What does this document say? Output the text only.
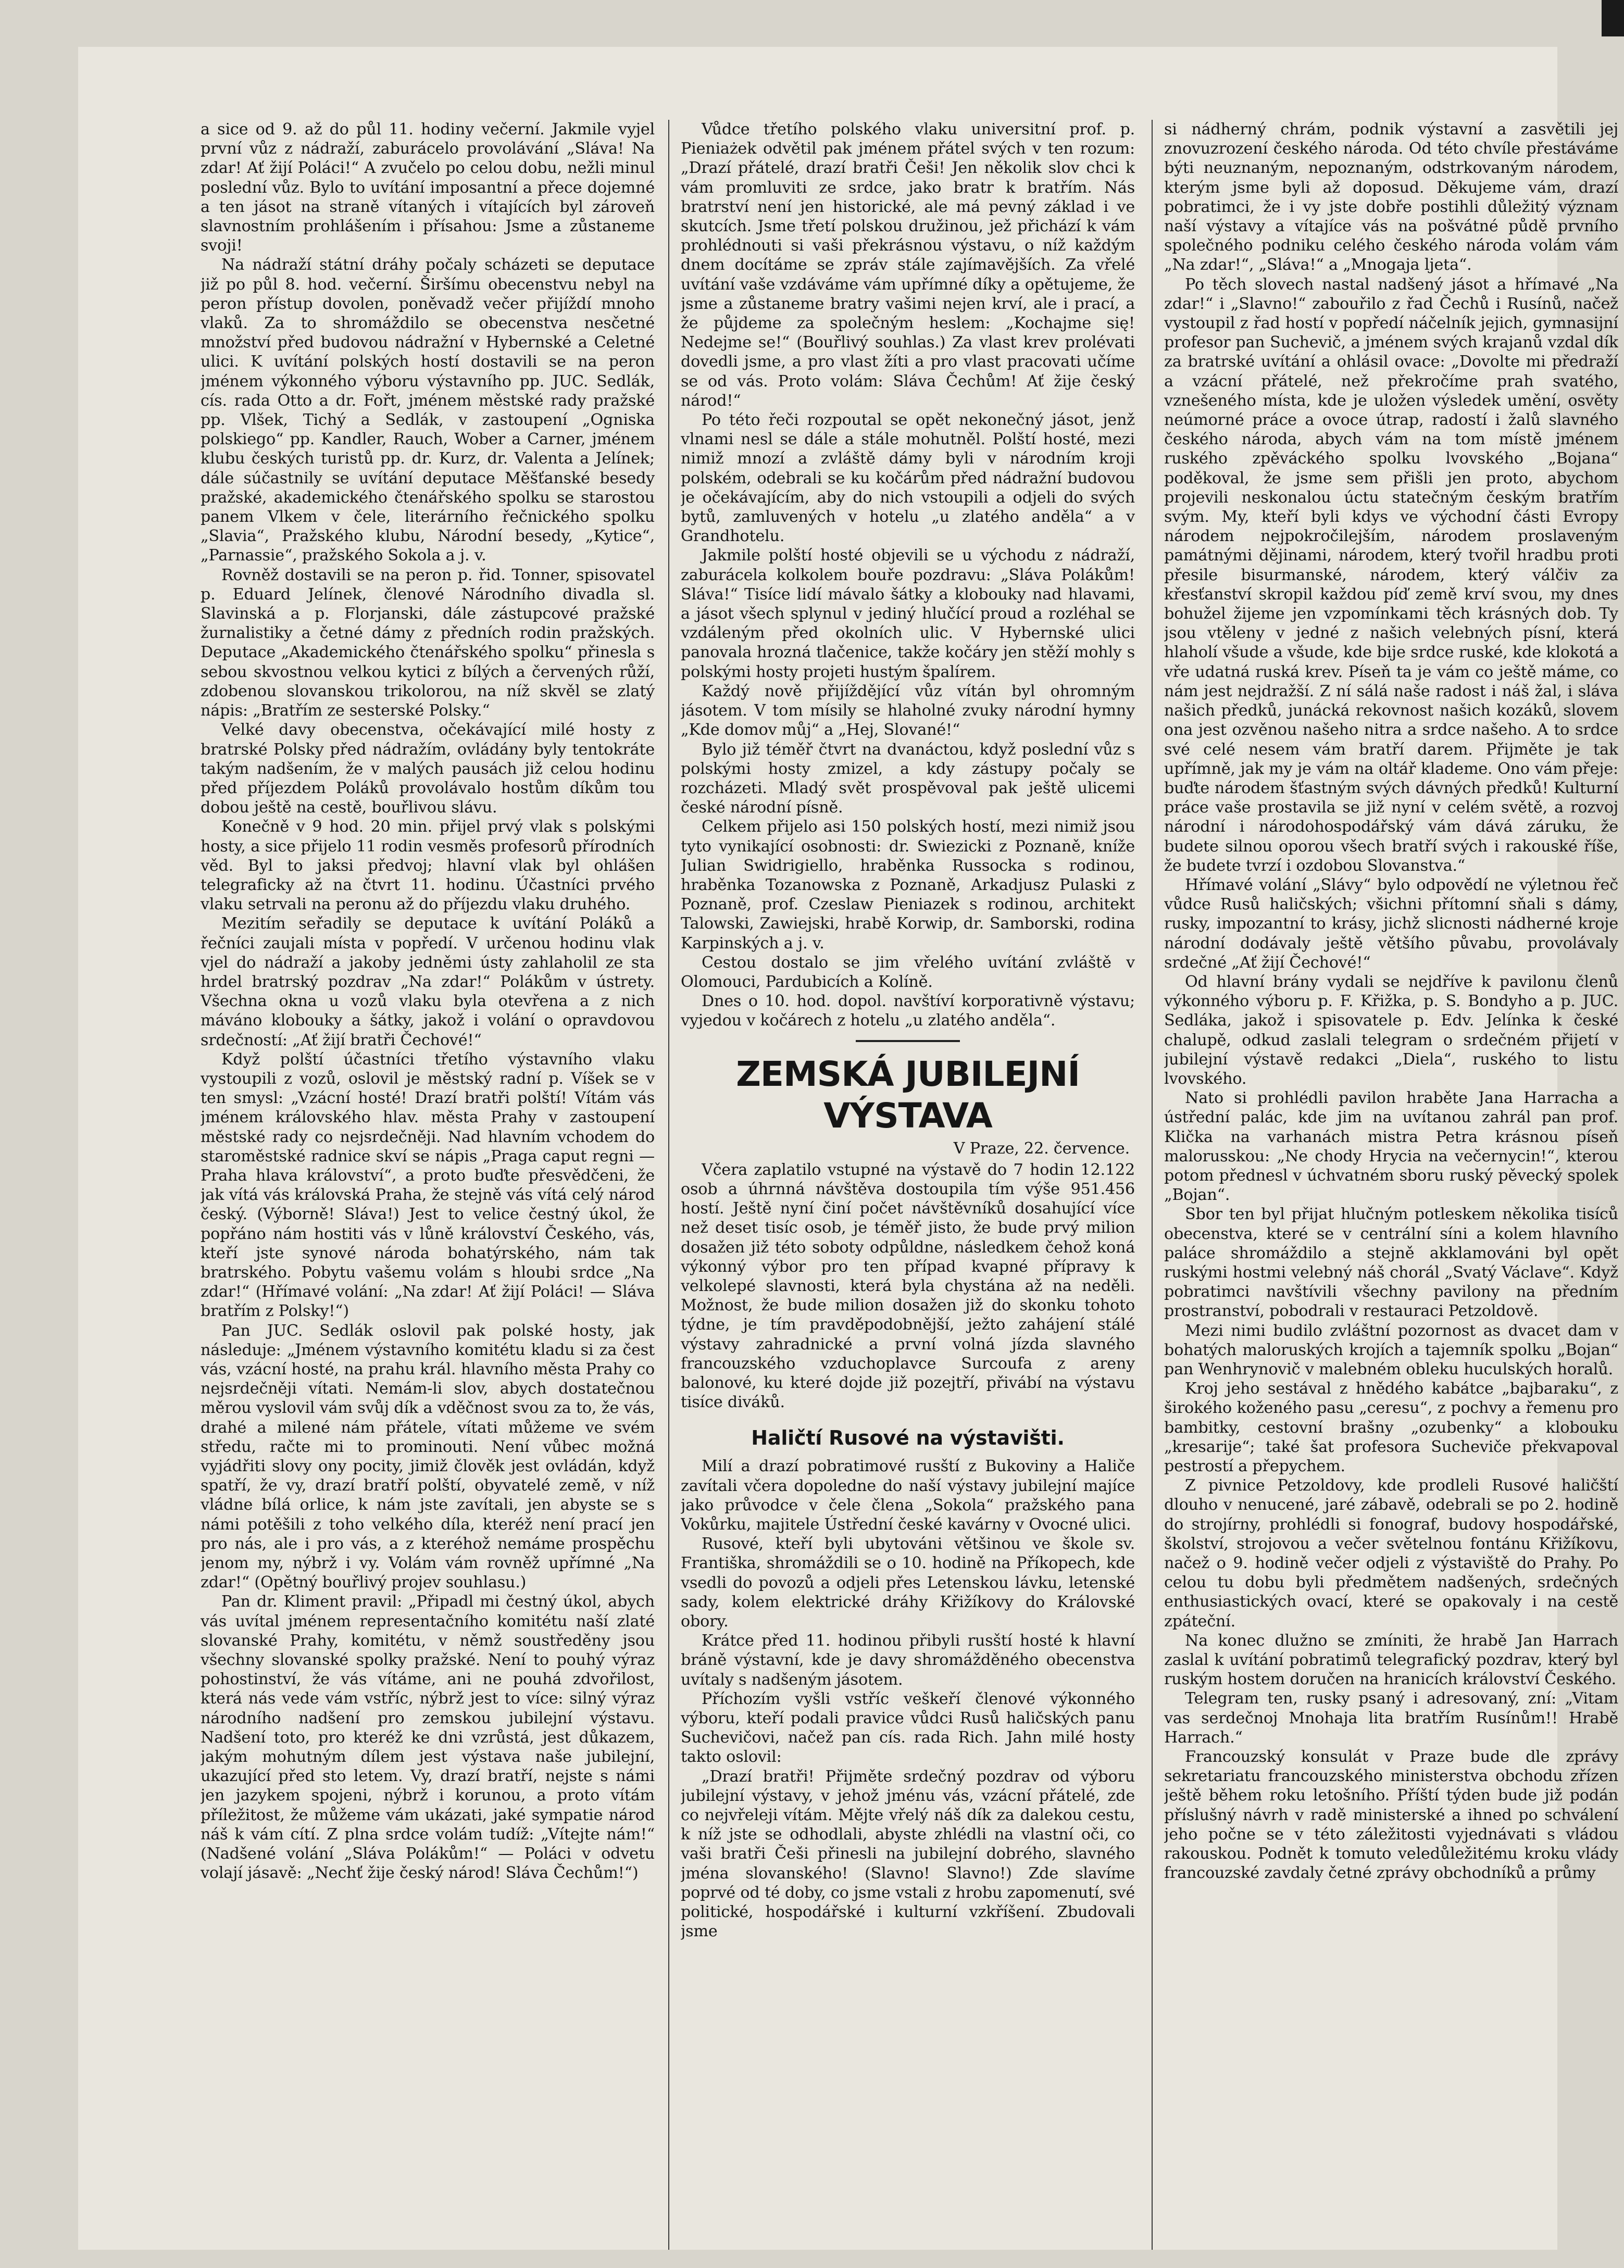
a sice od 9. až do půl 11. hodiny večerní. Jakmile vyjel první vůz z nádraží, zaburácelo provolávání „Sláva! Na zdar! Ať žijí Poláci!“ A zvučelo po celou dobu, nežli minul poslední vůz. Bylo to uvítání imposantní a přece dojemné a ten jásot na straně vítaných i vítajících byl zároveň slavnostním prohlášením i přísahou: Jsme a zůstaneme svoji!

Na nádraží státní dráhy počaly scházeti se deputace již po půl 8. hod. večerní. Širšímu obecenstvu nebyl na peron přístup dovolen, poněvadž večer přijíždí mnoho vlaků. Za to shromáždilo se obecenstva nesčetné množství před budovou nádražní v Hybernské a Celetné ulici. K uvítání polských hostí dostavili se na peron jménem výkonného výboru výstavního pp. JUC. Sedlák, cís. rada Otto a dr. Fořt, jménem městské rady pražské pp. Vlšek, Tichý a Sedlák, v zastoupení „Ogniska polskiego“ pp. Kandler, Rauch, Wober a Carner, jménem klubu českých turistů pp. dr. Kurz, dr. Valenta a Jelínek; dále súčastnily se uvítání deputace Měšťanské besedy pražské, akademického čtenářského spolku se starostou panem Vlkem v čele, literárního řečnického spolku „Slavia“, Pražského klubu, Národní besedy, „Kytice“, „Parnassie“, pražského Sokola a j. v.

Rovněž dostavili se na peron p. řid. Tonner, spisovatel p. Eduard Jelínek, členové Národního divadla sl. Slavinská a p. Florjanski, dále zástupcové pražské žurnalistiky a četné dámy z předních rodin pražských. Deputace „Akademického čtenářského spolku“ přinesla s sebou skvostnou velkou kytici z bílých a červených růží, zdobenou slovanskou trikolorou, na níž skvěl se zlatý nápis: „Bratřím ze sesterské Polsky.“

Velké davy obecenstva, očekávající milé hosty z bratrské Polsky před nádražím, ovládány byly tentokráte takým nadšením, že v malých pausách již celou hodinu před příjezdem Poláků provolávalo hostům díkům tou dobou ještě na cestě, bouřlivou slávu.

Konečně v 9 hod. 20 min. přijel prvý vlak s polskými hosty, a sice přijelo 11 rodin vesměs profesorů přírodních věd. Byl to jaksi předvoj; hlavní vlak byl ohlášen telegraficky až na čtvrt 11. hodinu. Účastníci prvého vlaku setrvali na peronu až do příjezdu vlaku druhého.

Mezitím seřadily se deputace k uvítání Poláků a řečníci zaujali místa v popředí. V určenou hodinu vlak vjel do nádraží a jakoby jedněmi ústy zahlaholil ze sta hrdel bratrský pozdrav „Na zdar!“ Polákům v ústrety. Všechna okna u vozů vlaku byla otevřena a z nich máváno klobouky a šátky, jakož i volání o opravdovou srdečností: „Ať žijí bratři Čechové!“

Když polští účastníci třetího výstavního vlaku vystoupili z vozů, oslovil je městský radní p. Víšek se v ten smysl: „Vzácní hosté! Drazí bratři polští! Vítám vás jménem královského hlav. města Prahy v zastoupení městské rady co nejsrdečněji. Nad hlavním vchodem do staroměstské radnice skví se nápis „Praga caput regni — Praha hlava království“, a proto buďte přesvědčeni, že jak vítá vás královská Praha, že stejně vás vítá celý národ český. (Výborně! Sláva!) Jest to velice čestný úkol, že popřáno nám hostiti vás v lůně království Českého, vás, kteří jste synové národa bohatýrského, nám tak bratrského. Pobytu vašemu volám s hloubi srdce „Na zdar!“ (Hřímavé volání: „Na zdar! Ať žijí Poláci! — Sláva bratřím z Polsky!“)

Pan JUC. Sedlák oslovil pak polské hosty, jak následuje: „Jménem výstavního komitétu kladu si za čest vás, vzácní hosté, na prahu král. hlavního města Prahy co nejsrdečněji vítati. Nemám-li slov, abych dostatečnou měrou vyslovil vám svůj dík a vděčnost svou za to, že vás, drahé a milené nám přátele, vítati můžeme ve svém středu, račte mi to prominouti. Není vůbec možná vyjádřiti slovy ony pocity, jimiž člověk jest ovládán, když spatří, že vy, drazí bratří polští, obyvatelé země, v níž vládne bílá orlice, k nám jste zavítali, jen abyste se s námi potěšili z toho velkého díla, kteréž není prací jen pro nás, ale i pro vás, a z kteréhož nemáme prospěchu jenom my, nýbrž i vy. Volám vám rovněž upřímné „Na zdar!“ (Opětný bouřlivý projev souhlasu.)

Pan dr. Kliment pravil: „Připadl mi čestný úkol, abych vás uvítal jménem representačního komitétu naší zlaté slovanské Prahy, komitétu, v němž soustředěny jsou všechny slovanské spolky pražské. Není to pouhý výraz pohostinství, že vás vítáme, ani ne pouhá zdvořilost, která nás vede vám vstříc, nýbrž jest to více: silný výraz národního nadšení pro zemskou jubilejní výstavu. Nadšení toto, pro kteréž ke dni vzrůstá, jest důkazem, jakým mohutným dílem jest výstava naše jubilejní, ukazující před sto letem. Vy, drazí bratří, nejste s námi jen jazykem spojeni, nýbrž i korunou, a proto vítám příležitost, že můžeme vám ukázati, jaké sympatie národ náš k vám cítí. Z plna srdce volám tudíž: „Vítejte nám!“ (Nadšené volání „Sláva Polákům!“ — Poláci v odvetu volají jásavě: „Nechť žije český národ! Sláva Čechům!“)

Vůdce třetího polského vlaku universitní prof. p. Pieniażek odvětil pak jménem přátel svých v ten rozum: „Drazí přátelé, drazí bratři Češi! Jen několik slov chci k vám promluviti ze srdce, jako bratr k bratřím. Nás bratrství není jen historické, ale má pevný základ i ve skutcích. Jsme třetí polskou družinou, jež přichází k vám prohlédnouti si vaši překrásnou výstavu, o níž každým dnem docítáme se zpráv stále zajímavějších. Za vřelé uvítání vaše vzdáváme vám upřímné díky a opětujeme, že jsme a zůstaneme bratry vašimi nejen krví, ale i prací, a že půjdeme za společným heslem: „Kochajme się! Nedejme se!“ (Bouřlivý souhlas.) Za vlast krev prolévati dovedli jsme, a pro vlast žíti a pro vlast pracovati učíme se od vás. Proto volám: Sláva Čechům! Ať žije český národ!“

Po této řeči rozpoutal se opět nekonečný jásot, jenž vlnami nesl se dále a stále mohutněl. Polští hosté, mezi nimiž mnozí a zvláště dámy byli v národním kroji polském, odebrali se ku kočárům před nádražní budovou je očekávajícím, aby do nich vstoupili a odjeli do svých bytů, zamluvených v hotelu „u zlatého anděla“ a v Grandhotelu.

Jakmile polští hosté objevili se u východu z nádraží, zaburácela kolkolem bouře pozdravu: „Sláva Polákům! Sláva!“ Tisíce lidí mávalo šátky a klobouky nad hlavami, a jásot všech splynul v jediný hlučící proud a rozléhal se vzdáleným před okolních ulic. V Hybernské ulici panovala hrozná tlačenice, takže kočáry jen stěží mohly s polskými hosty projeti hustým špalírem.

Každý nově přijíždějící vůz vítán byl ohromným jásotem. V tom mísily se hlaholné zvuky národní hymny „Kde domov můj“ a „Hej, Slované!“

Bylo již téměř čtvrt na dvanáctou, když poslední vůz s polskými hosty zmizel, a kdy zástupy počaly se rozcházeti. Mladý svět prospěvoval pak ještě ulicemi české národní písně.

Celkem přijelo asi 150 polských hostí, mezi nimiž jsou tyto vynikající osobnosti: dr. Swiezicki z Poznaně, kníže Julian Swidrigiello, hraběnka Russocka s rodinou, hraběnka Tozanowska z Poznaně, Arkadjusz Pulaski z Poznaně, prof. Czeslaw Pieniazek s rodinou, architekt Talowski, Zawiejski, hrabě Korwip, dr. Samborski, rodina Karpinských a j. v.

Cestou dostalo se jim vřelého uvítání zvláště v Olomouci, Pardubicích a Kolíně.

Dnes o 10. hod. dopol. navštíví korporativně výstavu; vyjedou v kočárech z hotelu „u zlatého anděla“.

ZEMSKÁ JUBILEJNÍ VÝSTAVA
V Praze, 22. července.

Včera zaplatilo vstupné na výstavě do 7 hodin 12.122 osob a úhrnná návštěva dostoupila tím výše 951.456 hostí. Ještě nyní činí počet návštěvníků dosahující více než deset tisíc osob, je téměř jisto, že bude prvý milion dosažen již této soboty odpůldne, následkem čehož koná výkonný výbor pro ten případ kvapné přípravy k velkolepé slavnosti, která byla chystána až na neděli. Možnost, že bude milion dosažen již do skonku tohoto týdne, je tím pravděpodobnější, ježto zahájení stálé výstavy zahradnické a první volná jízda slavného francouzského vzduchoplavce Surcoufa z areny balonové, ku které dojde již pozejtří, přivábí na výstavu tisíce diváků.

Haličtí Rusové na výstavišti.

Milí a drazí pobratimové rusští z Bukoviny a Haliče zavítali včera dopoledne do naší výstavy jubilejní majíce jako průvodce v čele člena „Sokola“ pražského pana Vokůrku, majitele Ústřední české kavárny v Ovocné ulici.

Rusové, kteří byli ubytováni většinou ve škole sv. Františka, shromáždili se o 10. hodině na Příkopech, kde vsedli do povozů a odjeli přes Letenskou lávku, letenské sady, kolem elektrické dráhy Křižíkovy do Královské obory.

Krátce před 11. hodinou přibyli rusští hosté k hlavní bráně výstavní, kde je davy shromážděného obecenstva uvítaly s nadšeným jásotem.

Příchozím vyšli vstříc veškeří členové výkonného výboru, kteří podali pravice vůdci Rusů haličských panu Suchevičovi, načež pan cís. rada Rich. Jahn milé hosty takto oslovil:

„Drazí bratři! Přijměte srdečný pozdrav od výboru jubilejní výstavy, v jehož jménu vás, vzácní přátelé, zde co nejvřeleji vítám. Mějte vřelý náš dík za dalekou cestu, k níž jste se odhodlali, abyste zhlédli na vlastní oči, co vaši bratři Češi přinesli na jubilejní dobrého, slavného jména slovanského! (Slavno! Slavno!) Zde slavíme poprvé od té doby, co jsme vstali z hrobu zapomenutí, své politické, hospodářské i kulturní vzkříšení. Zbudovali jsme

si nádherný chrám, podnik výstavní a zasvětili jej znovuzrození českého národa. Od této chvíle přestáváme býti neuznaným, nepoznaným, odstrkovaným národem, kterým jsme byli až doposud. Děkujeme vám, drazí pobratimci, že i vy jste dobře postihli důležitý význam naší výstavy a vítajíce vás na pošvátné půdě prvního společného podniku celého českého národa volám vám „Na zdar!“, „Sláva!“ a „Mnogaja ljeta“.

Po těch slovech nastal nadšený jásot a hřímavé „Na zdar!“ i „Slavno!“ zabouřilo z řad Čechů i Rusínů, načež vystoupil z řad hostí v popředí náčelník jejich, gymnasijní profesor pan Suchevič, a jménem svých krajanů vzdal dík za bratrské uvítání a ohlásil ovace: „Dovolte mi předraží a vzácní přátelé, než překročíme prah svatého, vznešeného místa, kde je uložen výsledek umění, osvěty neúmorné práce a ovoce útrap, radostí i žalů slavného českého národa, abych vám na tom místě jménem ruského zpěváckého spolku lvovského „Bojana“ poděkoval, že jsme sem přišli jen proto, abychom projevili neskonalou úctu statečným českým bratřím svým. My, kteří byli kdys ve východní části Evropy národem nejpokročilejším, národem proslaveným památnými dějinami, národem, který tvořil hradbu proti přesile bisurmanské, národem, který válčiv za křesťanství skropil každou píď země krví svou, my dnes bohužel žijeme jen vzpomínkami těch krásných dob. Ty jsou vtěleny v jedné z našich velebných písní, která hlaholí všude a všude, kde bije srdce ruské, kde klokotá a vře udatná ruská krev. Píseň ta je vám co ještě máme, co nám jest nejdražší. Z ní sálá naše radost i náš žal, i sláva našich předků, junácká rekovnost našich kozáků, slovem ona jest ozvěnou našeho nitra a srdce našeho. A to srdce své celé nesem vám bratří darem. Přijměte je tak upřímně, jak my je vám na oltář klademe. Ono vám přeje: buďte národem šťastným svých dávných předků! Kulturní práce vaše prostavila se již nyní v celém světě, a rozvoj národní i národohospodářský vám dává záruku, že budete silnou oporou všech bratří svých i rakouské říše, že budete tvrzí i ozdobou Slovanstva.“

Hřímavé volání „Slávy“ bylo odpovědí ne výletnou řeč vůdce Rusů haličských; všichni přítomní sňali s dámy, rusky, impozantní to krásy, jichž slicnosti nádherné kroje národní dodávaly ještě většího půvabu, provolávaly srdečné „Ať žijí Čechové!“

Od hlavní brány vydali se nejdříve k pavilonu členů výkonného výboru p. F. Křižka, p. S. Bondyho a p. JUC. Sedláka, jakož i spisovatele p. Edv. Jelínka k české chalupě, odkud zaslali telegram o srdečném přijetí v jubilejní výstavě redakci „Diela“, ruského to listu lvovského.

Nato si prohlédli pavilon hraběte Jana Harracha a ústřední palác, kde jim na uvítanou zahrál pan prof. Klička na varhanách mistra Petra krásnou píseň malorusskou: „Ne chody Hrycia na večernycin!“, kterou potom přednesl v úchvatném sboru ruský pěvecký spolek „Bojan“.

Sbor ten byl přijat hlučným potleskem několika tisíců obecenstva, které se v centrální síni a kolem hlavního paláce shromáždilo a stejně akklamováni byl opět ruskými hostmi velebný náš chorál „Svatý Václave“. Když pobratimci navštívili všechny pavilony na předním prostranství, pobodrali v restauraci Petzoldově.

Mezi nimi budilo zvláštní pozornost as dvacet dam v bohatých maloruských krojích a tajemník spolku „Bojan“ pan Wenhrynovič v malebném obleku huculských horalů.

Kroj jeho sestával z hnědého kabátce „bajbaraku“, z širokého koženého pasu „ceresu“, z pochvy a řemenu pro bambitky, cestovní brašny „ozubenky“ a klobouku „kresarije“; také šat profesora Sucheviče překvapoval pestrostí a přepychem.

Z pivnice Petzoldovy, kde prodleli Rusové haličští dlouho v nenucené, jaré zábavě, odebrali se po 2. hodině do strojírny, prohlédli si fonograf, budovy hospodářské, školství, strojovou a večer světelnou fontánu Křižíkovu, načež o 9. hodině večer odjeli z výstaviště do Prahy. Po celou tu dobu byli předmětem nadšených, srdečných enthusiastických ovací, které se opakovaly i na cestě zpáteční.

Na konec dlužno se zmíniti, že hrabě Jan Harrach zaslal k uvítání pobratimů telegrafický pozdrav, který byl ruským hostem doručen na hranicích království Českého.

Telegram ten, rusky psaný i adresovaný, zní: „Vitam vas serdečnoj Mnohaja lita bratřím Rusínům!! Hrabě Harrach.“

Francouzský konsulát v Praze bude dle zprávy sekretariatu francouzského ministerstva obchodu zřízen ještě během roku letošního. Příští týden bude již podán příslušný návrh v radě ministerské a ihned po schválení jeho počne se v této záležitosti vyjednávati s vládou rakouskou. Podnět k tomuto veledůležitému kroku vlády francouzské zavdaly četné zprávy obchodníků a průmy
